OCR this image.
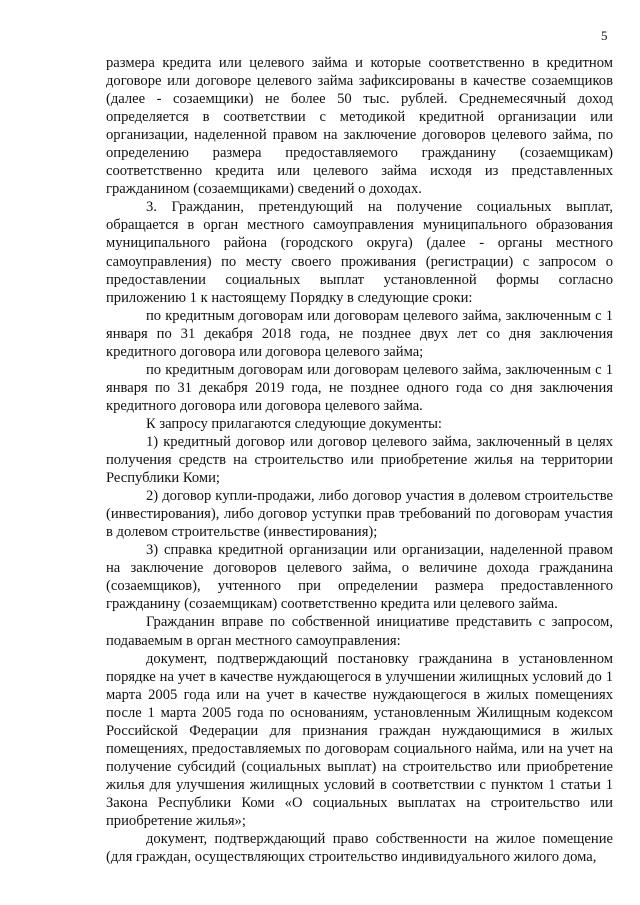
5

размера кредита или целевого займа и которые соответственно в кредитном договоре или договоре целевого займа зафиксированы в качестве созаемщиков (далее - созаемщики) не более 50 тыс. рублей. Среднемесячный доход определяется в соответствии с методикой кредитной организации или организации, наделенной правом на заключение договоров целевого займа, по определению размера предоставляемого гражданину (созаемщикам) соответственно кредита или целевого займа исходя из представленных гражданином (созаемщиками) сведений о доходах.

3. Гражданин, претендующий на получение социальных выплат, обращается в орган местного самоуправления муниципального образования муниципального района (городского округа) (далее - органы местного самоуправления) по месту своего проживания (регистрации) с запросом о предоставлении социальных выплат установленной формы согласно приложению 1 к настоящему Порядку в следующие сроки:

по кредитным договорам или договорам целевого займа, заключенным с 1 января по 31 декабря 2018 года, не позднее двух лет со дня заключения кредитного договора или договора целевого займа;

по кредитным договорам или договорам целевого займа, заключенным с 1 января по 31 декабря 2019 года, не позднее одного года со дня заключения кредитного договора или договора целевого займа.

К запросу прилагаются следующие документы:

1) кредитный договор или договор целевого займа, заключенный в целях получения средств на строительство или приобретение жилья на территории Республики Коми;

2) договор купли-продажи, либо договор участия в долевом строительстве (инвестирования), либо договор уступки прав требований по договорам участия в долевом строительстве (инвестирования);

3) справка кредитной организации или организации, наделенной правом на заключение договоров целевого займа, о величине дохода гражданина (созаемщиков), учтенного при определении размера предоставленного гражданину (созаемщикам) соответственно кредита или целевого займа.

Гражданин вправе по собственной инициативе представить с запросом, подаваемым в орган местного самоуправления:

документ, подтверждающий постановку гражданина в установленном порядке на учет в качестве нуждающегося в улучшении жилищных условий до 1 марта 2005 года или на учет в качестве нуждающегося в жилых помещениях после 1 марта 2005 года по основаниям, установленным Жилищным кодексом Российской Федерации для признания граждан нуждающимися в жилых помещениях, предоставляемых по договорам социального найма, или на учет на получение субсидий (социальных выплат) на строительство или приобретение жилья для улучшения жилищных условий в соответствии с пунктом 1 статьи 1 Закона Республики Коми «О социальных выплатах на строительство или приобретение жилья»;

документ, подтверждающий право собственности на жилое помещение (для граждан, осуществляющих строительство индивидуального жилого дома,
